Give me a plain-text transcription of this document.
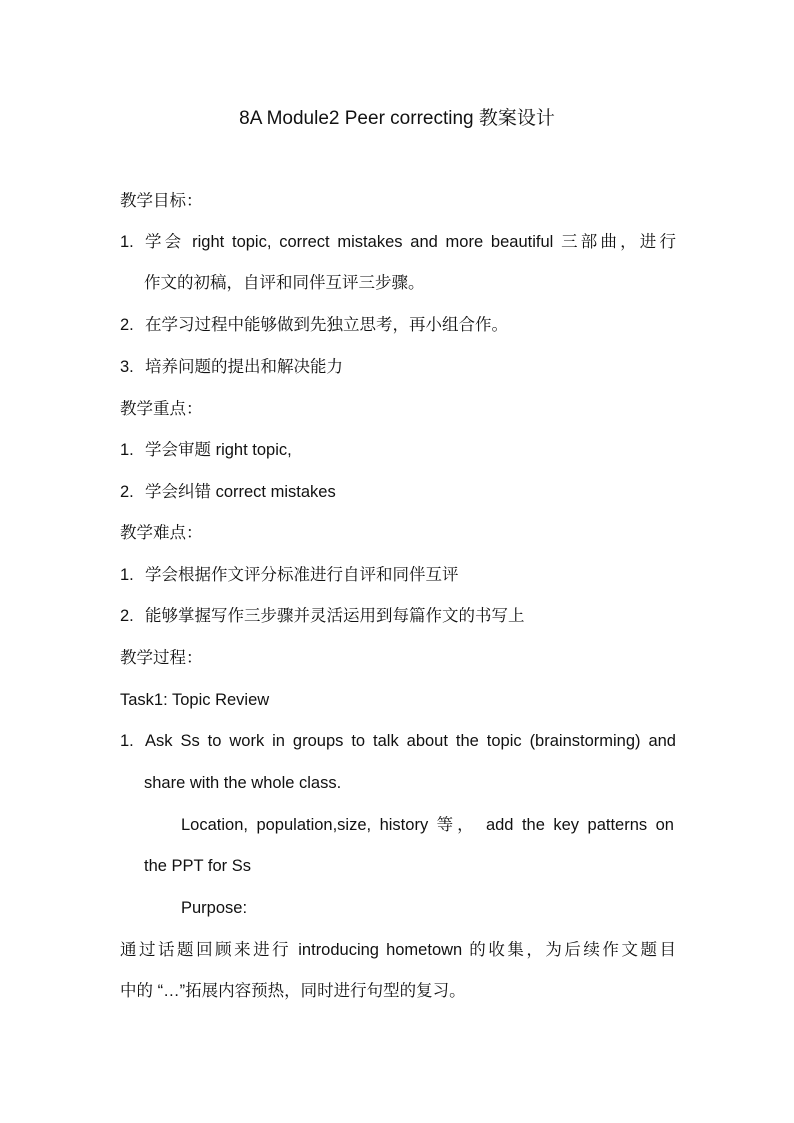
8A Module2 Peer correcting 教案设计
教学目标：
1. 学会 right topic, correct mistakes and more beautiful 三部曲，进行
作文的初稿，自评和同伴互评三步骤。
2. 在学习过程中能够做到先独立思考，再小组合作。
3. 培养问题的提出和解决能力
教学重点：
1. 学会审题 right topic,
2. 学会纠错 correct mistakes
教学难点：
1. 学会根据作文评分标准进行自评和同伴互评
2. 能够掌握写作三步骤并灵活运用到每篇作文的书写上
教学过程：
Task1: Topic Review
1. Ask Ss to work in groups to talk about the topic (brainstorming) and
share with the whole class.
Location, population,size, history 等， add the key patterns on
the PPT for Ss
Purpose:
通过话题回顾来进行 introducing hometown 的收集，为后续作文题目
中的 “…”拓展内容预热，同时进行句型的复习。
